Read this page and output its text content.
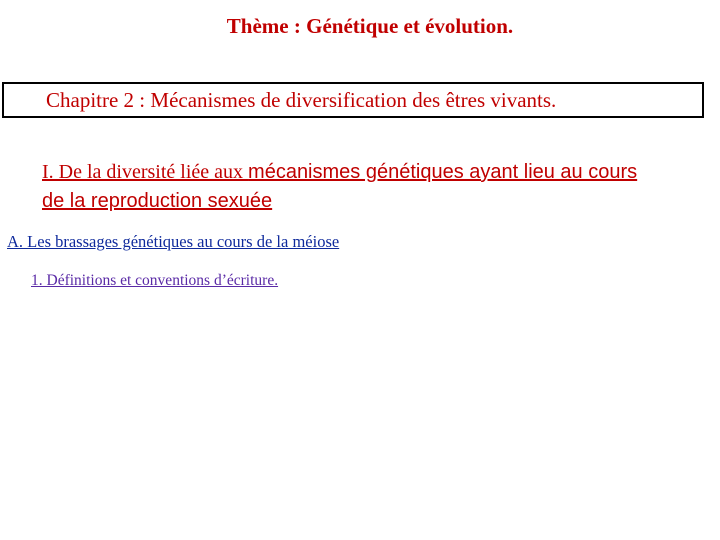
Thème : Génétique et évolution.
Chapitre 2 : Mécanismes de diversification des êtres vivants.
I. De la diversité liée aux mécanismes génétiques ayant lieu au cours
de la reproduction sexuée
A. Les brassages génétiques au cours de la méiose
1. Définitions et conventions d’écriture.
